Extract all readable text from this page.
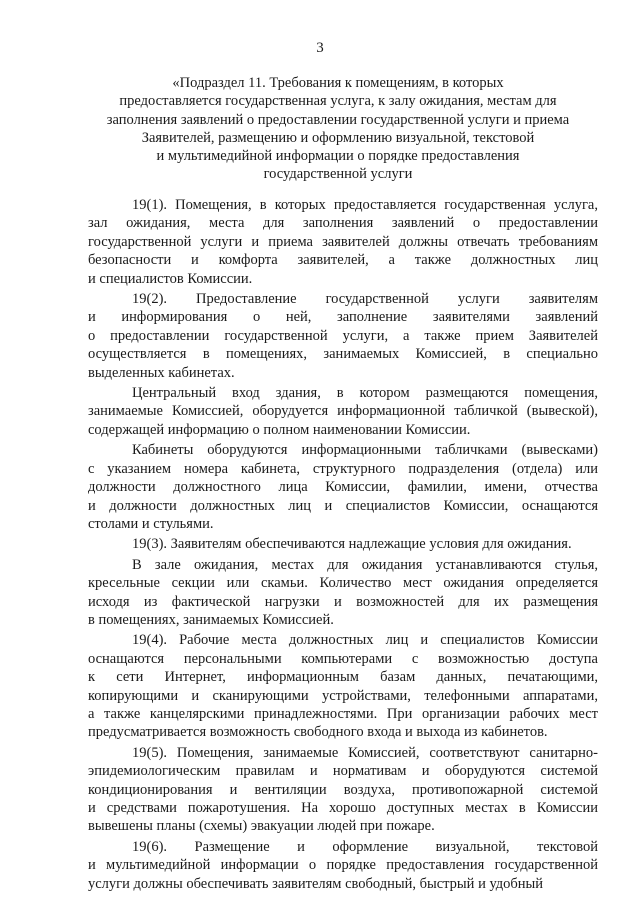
3
«Подраздел 11. Требования к помещениям, в которых
предоставляется государственная услуга, к залу ожидания, местам для
заполнения заявлений о предоставлении государственной услуги и приема
Заявителей, размещению и оформлению визуальной, текстовой
и мультимедийной информации о порядке предоставления
государственной услуги
19(1). Помещения, в которых предоставляется государственная услуга,
зал ожидания, места для заполнения заявлений о предоставлении
государственной услуги и приема заявителей должны отвечать требованиям
безопасности и комфорта заявителей, а также должностных лиц
и специалистов Комиссии.
19(2). Предоставление государственной услуги заявителям
и информирования о ней, заполнение заявителями заявлений
о предоставлении государственной услуги, а также прием Заявителей
осуществляется в помещениях, занимаемых Комиссией, в специально
выделенных кабинетах.
Центральный вход здания, в котором размещаются помещения,
занимаемые Комиссией, оборудуется информационной табличкой (вывеской),
содержащей информацию о полном наименовании Комиссии.
Кабинеты оборудуются информационными табличками (вывесками)
с указанием номера кабинета, структурного подразделения (отдела) или
должности должностного лица Комиссии, фамилии, имени, отчества
и должности должностных лиц и специалистов Комиссии, оснащаются
столами и стульями.
19(3). Заявителям обеспечиваются надлежащие условия для ожидания.
В зале ожидания, местах для ожидания устанавливаются стулья,
кресельные секции или скамьи. Количество мест ожидания определяется
исходя из фактической нагрузки и возможностей для их размещения
в помещениях, занимаемых Комиссией.
19(4). Рабочие места должностных лиц и специалистов Комиссии
оснащаются персональными компьютерами с возможностью доступа
к сети Интернет, информационным базам данных, печатающими,
копирующими и сканирующими устройствами, телефонными аппаратами,
а также канцелярскими принадлежностями. При организации рабочих мест
предусматривается возможность свободного входа и выхода из кабинетов.
19(5). Помещения, занимаемые Комиссией, соответствуют санитарно-
эпидемиологическим правилам и нормативам и оборудуются системой
кондиционирования и вентиляции воздуха, противопожарной системой
и средствами пожаротушения. На хорошо доступных местах в Комиссии
вывешены планы (схемы) эвакуации людей при пожаре.
19(6). Размещение и оформление визуальной, текстовой
и мультимедийной информации о порядке предоставления государственной
услуги должны обеспечивать заявителям свободный, быстрый и удобный
